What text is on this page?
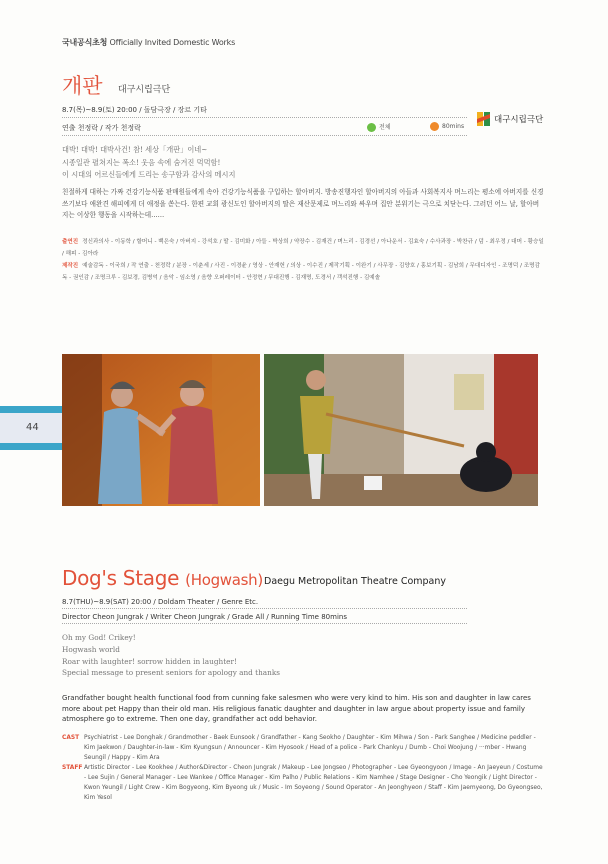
국내공식초청 Officially Invited Domestic Works
개판 대구시립극단
8.7(목)~8.9(토) 20:00 / 돌담극장 / 장르 기타
연출 천정락 / 작가 천정락	전체	80mins
대구시립극단
대박! 대박! 대박사건! 참! 세상「개판」이네~
시종일관 펼쳐지는 폭소! 웃음 속에 숨겨진 먹먹함!
이 시대의 어르신들에게 드리는 송구함과 감사의 메시지
친절하게 대하는 가짜 건강기능식품 판매원들에게 속아 건강기능식품을 구입하는 할아버지. 방송진행자인 할아버지의 아들과 사회복지사 며느리는 평소에 아버지를 신경 쓰기보다 애완견 해피에게 더 애정을 쏟는다. 한편 교회 광신도인 할아버지의 딸은 재산문제로 며느리와 싸우며 집안 분위기는 극으로 치닫는다. 그러던 어느 날, 할아버지는 이상한 행동을 시작하는데……
출연진 정신과의사 - 이동학 / 할머니 - 백은숙 / 아버지 - 강석호 / 딸 - 김미화 / 아들 - 박상희 / 약장수 - 김재건 / 며느리 - 김경선 / 아나운서 - 김효숙 / 수사과장 - 박찬규 / 덤 - 최우정 / 대머 - 황승일 / 해피 - 김아라
제작진 예술감독 - 이국희 / 작 연출 - 천정락 / 분장 - 이춘세 / 사진 - 이경윤 / 영상 - 안재헌 / 의상 - 이수진 / 제작기획 - 이완기 / 사무장 - 김양호 / 홍보기획 - 김남희 / 무대디자인 - 조명덕 / 조명감독 - 권인감 / 조명크루 - 김보경, 김병억 / 음악 - 임소영 / 음향 오퍼레이터 - 안정현 / 무대진행 - 김재명, 도경서 / 객석진행 - 김예솔
44
Dog's Stage (Hogwash) Daegu Metropolitan Theatre Company
8.7(THU)~8.9(SAT) 20:00 / Doldam Theater / Genre Etc.
Director Cheon Jungrak / Writer Cheon Jungrak / Grade All / Running Time 80mins
Oh my God! Crikey!
Hogwash world
Roar with laughter! sorrow hidden in laughter!
Special message to present seniors for apology and thanks
Grandfather bought health functional food from cunning fake salesmen who were very kind to him. His son and daughter in law cares more about pet Happy than their old man. His religious fanatic daughter and daughter in law argue about property issue and family atmosphere go to extreme. Then one day, grandfather act odd behavior.
CAST Psychiatrist - Lee Donghak / Grandmother - Baek Eunsook / Grandfather - Kang Seokho / Daughter - Kim Mihwa / Son - Park Sanghee / Medicine peddler - Kim Jaekwon / Daughter-in-law - Kim Kyungsun / Announcer - Kim Hyosook / Head of a police - Park Chankyu / Dumb - Choi Woojung / ···mber - Hwang Seungil / Happy - Kim Ara
STAFF Artistic Director - Lee Kookhee / Author&Director - Cheon Jungrak / Makeup - Lee Jongseo / Photographer - Lee Gyeongyoon / Image - An Jaeyeun / Costume - Lee Sujin / General Manager - Lee Wankee / Office Manager - Kim Palho / Public Relations - Kim Namhee / Stage Designer - Cho Yeongik / Light Director - Kwon Yeungil / Light Crew - Kim Bogyeong, Kim Byeong uk / Music - Im Soyeong / Sound Operator - An Jeonghyeon / Staff - Kim Jaemyeong, Do Gyeongseo, Kim Yesol
